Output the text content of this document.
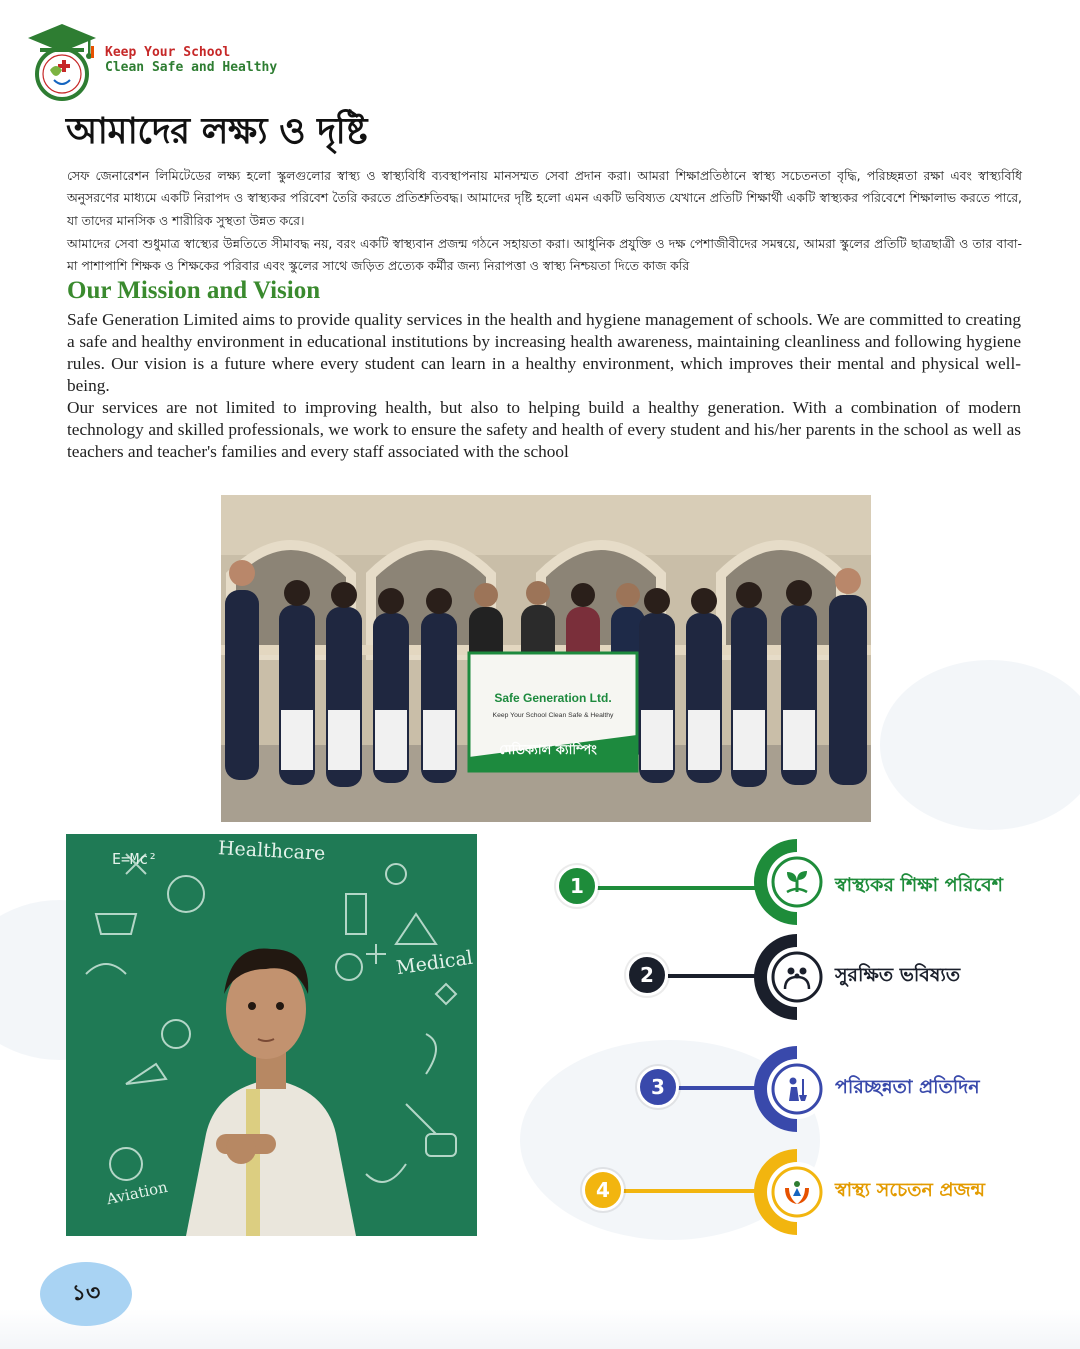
Keep Your School
Clean Safe and Healthy
আমাদের লক্ষ্য ও দৃষ্টি

সেফ জেনারেশন লিমিটেডের লক্ষ্য হলো স্কুলগুলোর স্বাস্থ্য ও স্বাস্থ্যবিধি ব্যবস্থাপনায় মানসম্মত সেবা প্রদান করা। আমরা শিক্ষাপ্রতিষ্ঠানে স্বাস্থ্য সচেতনতা বৃদ্ধি, পরিচ্ছন্নতা রক্ষা এবং স্বাস্থ্যবিধি অনুসরণের মাধ্যমে একটি নিরাপদ ও স্বাস্থ্যকর পরিবেশ তৈরি করতে প্রতিশ্রুতিবদ্ধ। আমাদের দৃষ্টি হলো এমন একটি ভবিষ্যত যেখানে প্রতিটি শিক্ষার্থী একটি স্বাস্থ্যকর পরিবেশে শিক্ষালাভ করতে পারে, যা তাদের মানসিক ও শারীরিক সুস্থতা উন্নত করে।

আমাদের সেবা শুধুমাত্র স্বাস্থ্যের উন্নতিতে সীমাবদ্ধ নয়, বরং একটি স্বাস্থ্যবান প্রজন্ম গঠনে সহায়তা করা। আধুনিক প্রযুক্তি ও দক্ষ পেশাজীবীদের সমন্বয়ে, আমরা স্কুলের প্রতিটি ছাত্রছাত্রী ও তার বাবা-মা পাশাপাশি শিক্ষক ও শিক্ষকের পরিবার এবং স্কুলের সাথে জড়িত প্রত্যেক কর্মীর জন্য নিরাপত্তা ও স্বাস্থ্য নিশ্চয়তা দিতে কাজ করি

Our Mission and Vision

Safe Generation Limited aims to provide quality services in the health and hygiene management of schools. We are committed to creating a safe and healthy environment in educational institutions by increasing health awareness, maintaining cleanliness and following hygiene rules. Our vision is a future where every student can learn in a healthy environment, which improves their mental and physical well-being.

Our services are not limited to improving health, but also to helping build a healthy generation. With a combination of modern technology and skilled professionals, we work to ensure the safety and health of every student and his/her parents in the school as well as teachers and teacher's families and every staff associated with the school

Safe Generation Ltd.
Keep Your School Clean Safe & Healthy
মেডিক্যাল ক্যাম্পিং
Healthcare
E=Mc²
Medical
Aviation
1	স্বাস্থ্যকর শিক্ষা পরিবেশ
2	সুরক্ষিত ভবিষ্যত
3	পরিচ্ছন্নতা প্রতিদিন
4	স্বাস্থ্য সচেতন প্রজন্ম
১৩
